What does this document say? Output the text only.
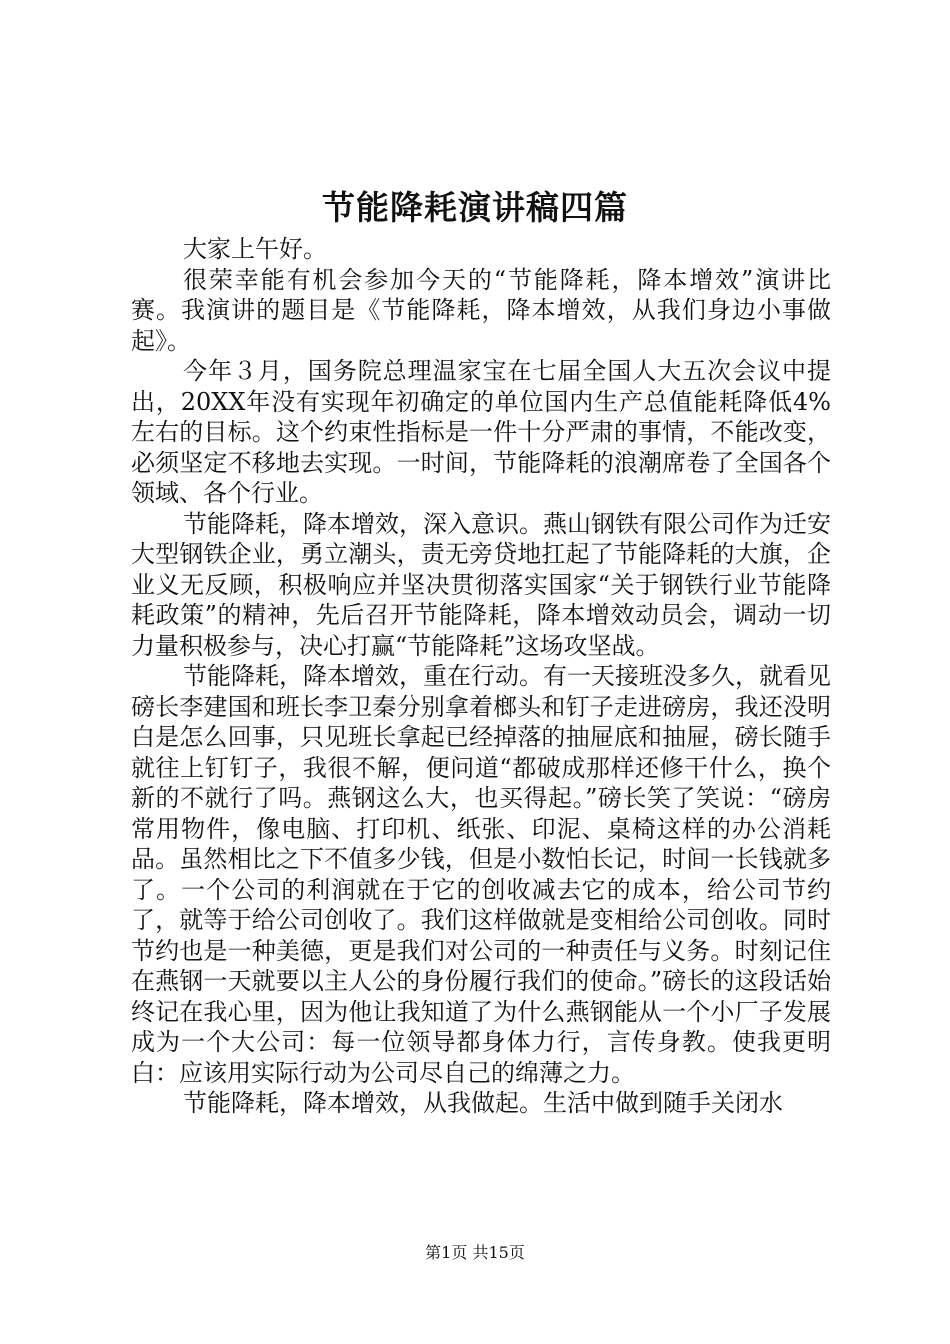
节能降耗演讲稿四篇

大家上午好。

很荣幸能有机会参加今天的“节能降耗，降本增效”演讲比赛。我演讲的题目是《节能降耗，降本增效，从我们身边小事做起》。

今年３月，国务院总理温家宝在七届全国人大五次会议中提出，20XX年没有实现年初确定的单位国内生产总值能耗降低4%左右的目标。这个约束性指标是一件十分严肃的事情，不能改变，必须坚定不移地去实现。一时间，节能降耗的浪潮席卷了全国各个领域、各个行业。

节能降耗，降本增效，深入意识。燕山钢铁有限公司作为迁安大型钢铁企业，勇立潮头，责无旁贷地扛起了节能降耗的大旗，企业义无反顾，积极响应并坚决贯彻落实国家“关于钢铁行业节能降耗政策”的精神，先后召开节能降耗，降本增效动员会，调动一切力量积极参与，决心打赢“节能降耗”这场攻坚战。

节能降耗，降本增效，重在行动。有一天接班没多久，就看见磅长李建国和班长李卫秦分别拿着榔头和钉子走进磅房，我还没明白是怎么回事，只见班长拿起已经掉落的抽屉底和抽屉，磅长随手就往上钉钉子，我很不解，便问道“都破成那样还修干什么，换个新的不就行了吗。燕钢这么大，也买得起。”磅长笑了笑说：“磅房常用物件，像电脑、打印机、纸张、印泥、桌椅这样的办公消耗品。虽然相比之下不值多少钱，但是小数怕长记，时间一长钱就多了。一个公司的利润就在于它的创收减去它的成本，给公司节约了，就等于给公司创收了。我们这样做就是变相给公司创收。同时节约也是一种美德，更是我们对公司的一种责任与义务。时刻记住在燕钢一天就要以主人公的身份履行我们的使命。”磅长的这段话始终记在我心里，因为他让我知道了为什么燕钢能从一个小厂子发展成为一个大公司：每一位领导都身体力行，言传身教。使我更明白：应该用实际行动为公司尽自己的绵薄之力。

节能降耗，降本增效，从我做起。生活中做到随手关闭水

第1页 共15页
